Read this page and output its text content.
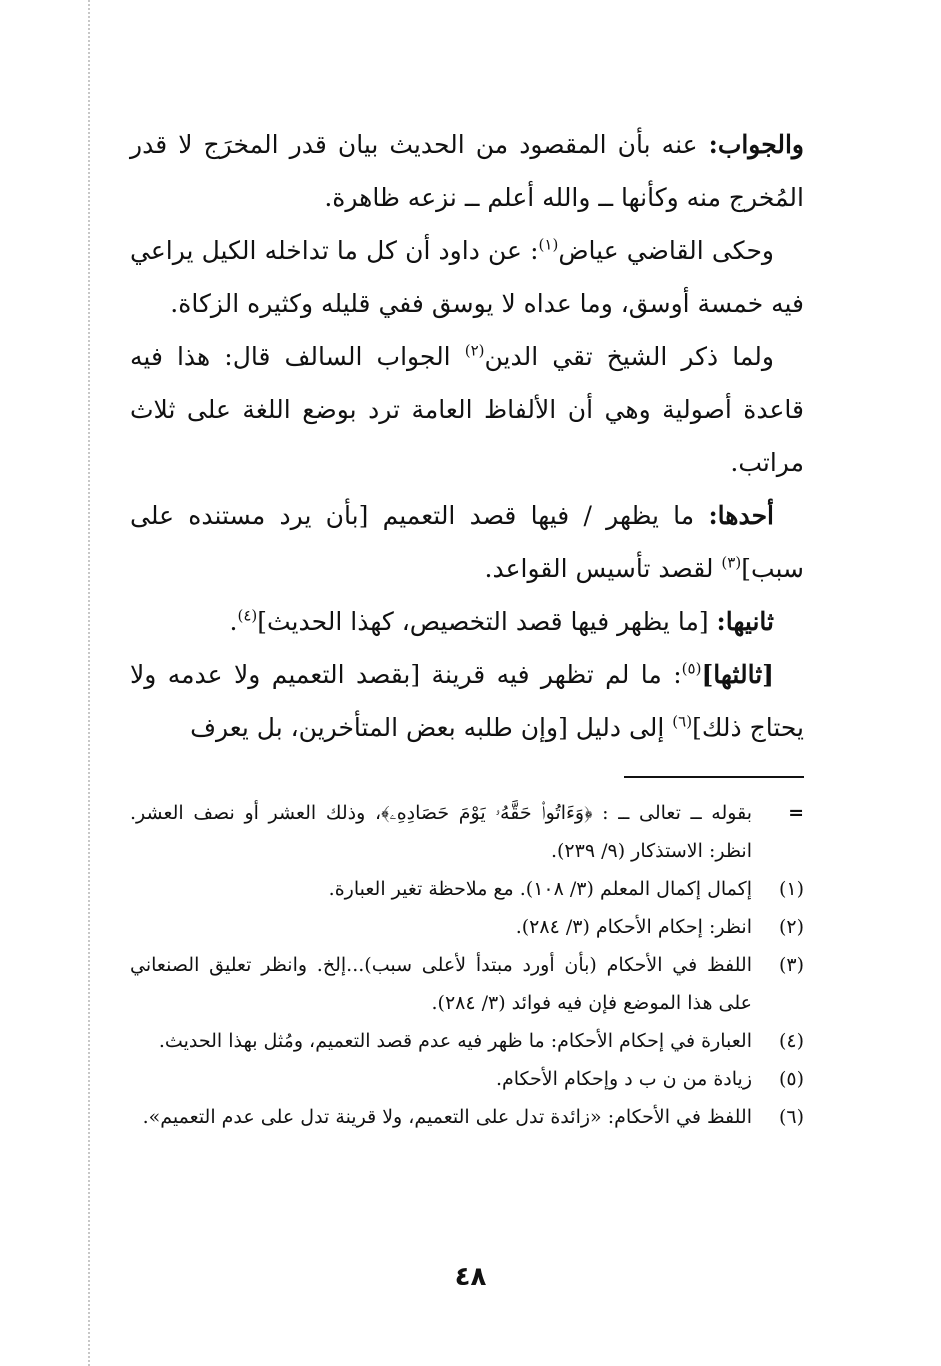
والجواب: عنه بأن المقصود من الحديث بيان قدر المخرَج لا قدر المُخرج منه وكأنها ــ والله أعلم ــ نزعه ظاهرة.

وحكى القاضي عياض$^{(١)}$: عن داود أن كل ما تداخله الكيل يراعي فيه خمسة أوسق، وما عداه لا يوسق ففي قليله وكثيره الزكاة.

ولما ذكر الشيخ تقي الدين$^{(٢)}$ الجواب السالف قال: هذا فيه قاعدة أصولية وهي أن الألفاظ العامة ترد بوضع اللغة على ثلاث مراتب.

أحدها: ما يظهر / فيها قصد التعميم [بأن يرد مستنده على سبب]$^{(٣)}$ لقصد تأسيس القواعد.

ثانيها: [ما يظهر فيها قصد التخصيص، كهذا الحديث]$^{(٤)}$.

[ثالثها]$^{(٥)}$: ما لم تظهر فيه قرينة [بقصد التعميم ولا عدمه ولا يحتاج ذلك]$^{(٦)}$ إلى دليل [وإن طلبه بعض المتأخرين، بل يعرف

=
بقوله ــ تعالى ــ : ﴿وَءَاتُوا۟ حَقَّهُۥ يَوْمَ حَصَادِهِۦ﴾، وذلك العشر أو نصف العشر. انظر: الاستذكار (٩/ ٢٣٩).
(١)
إكمال إكمال المعلم (٣/ ١٠٨). مع ملاحظة تغير العبارة.
(٢)
انظر: إحكام الأحكام (٣/ ٢٨٤).
(٣)
اللفظ في الأحكام (بأن أورد مبتدأ لأعلى سبب)...إلخ. وانظر تعليق الصنعاني على هذا الموضع فإن فيه فوائد (٣/ ٢٨٤).
(٤)
العبارة في إحكام الأحكام: ما ظهر فيه عدم قصد التعميم، ومُثل بهذا الحديث.
(٥)
زيادة من ن ب د وإحكام الأحكام.
(٦)
اللفظ في الأحكام: «زائدة تدل على التعميم، ولا قرينة تدل على عدم التعميم».
٤٨
